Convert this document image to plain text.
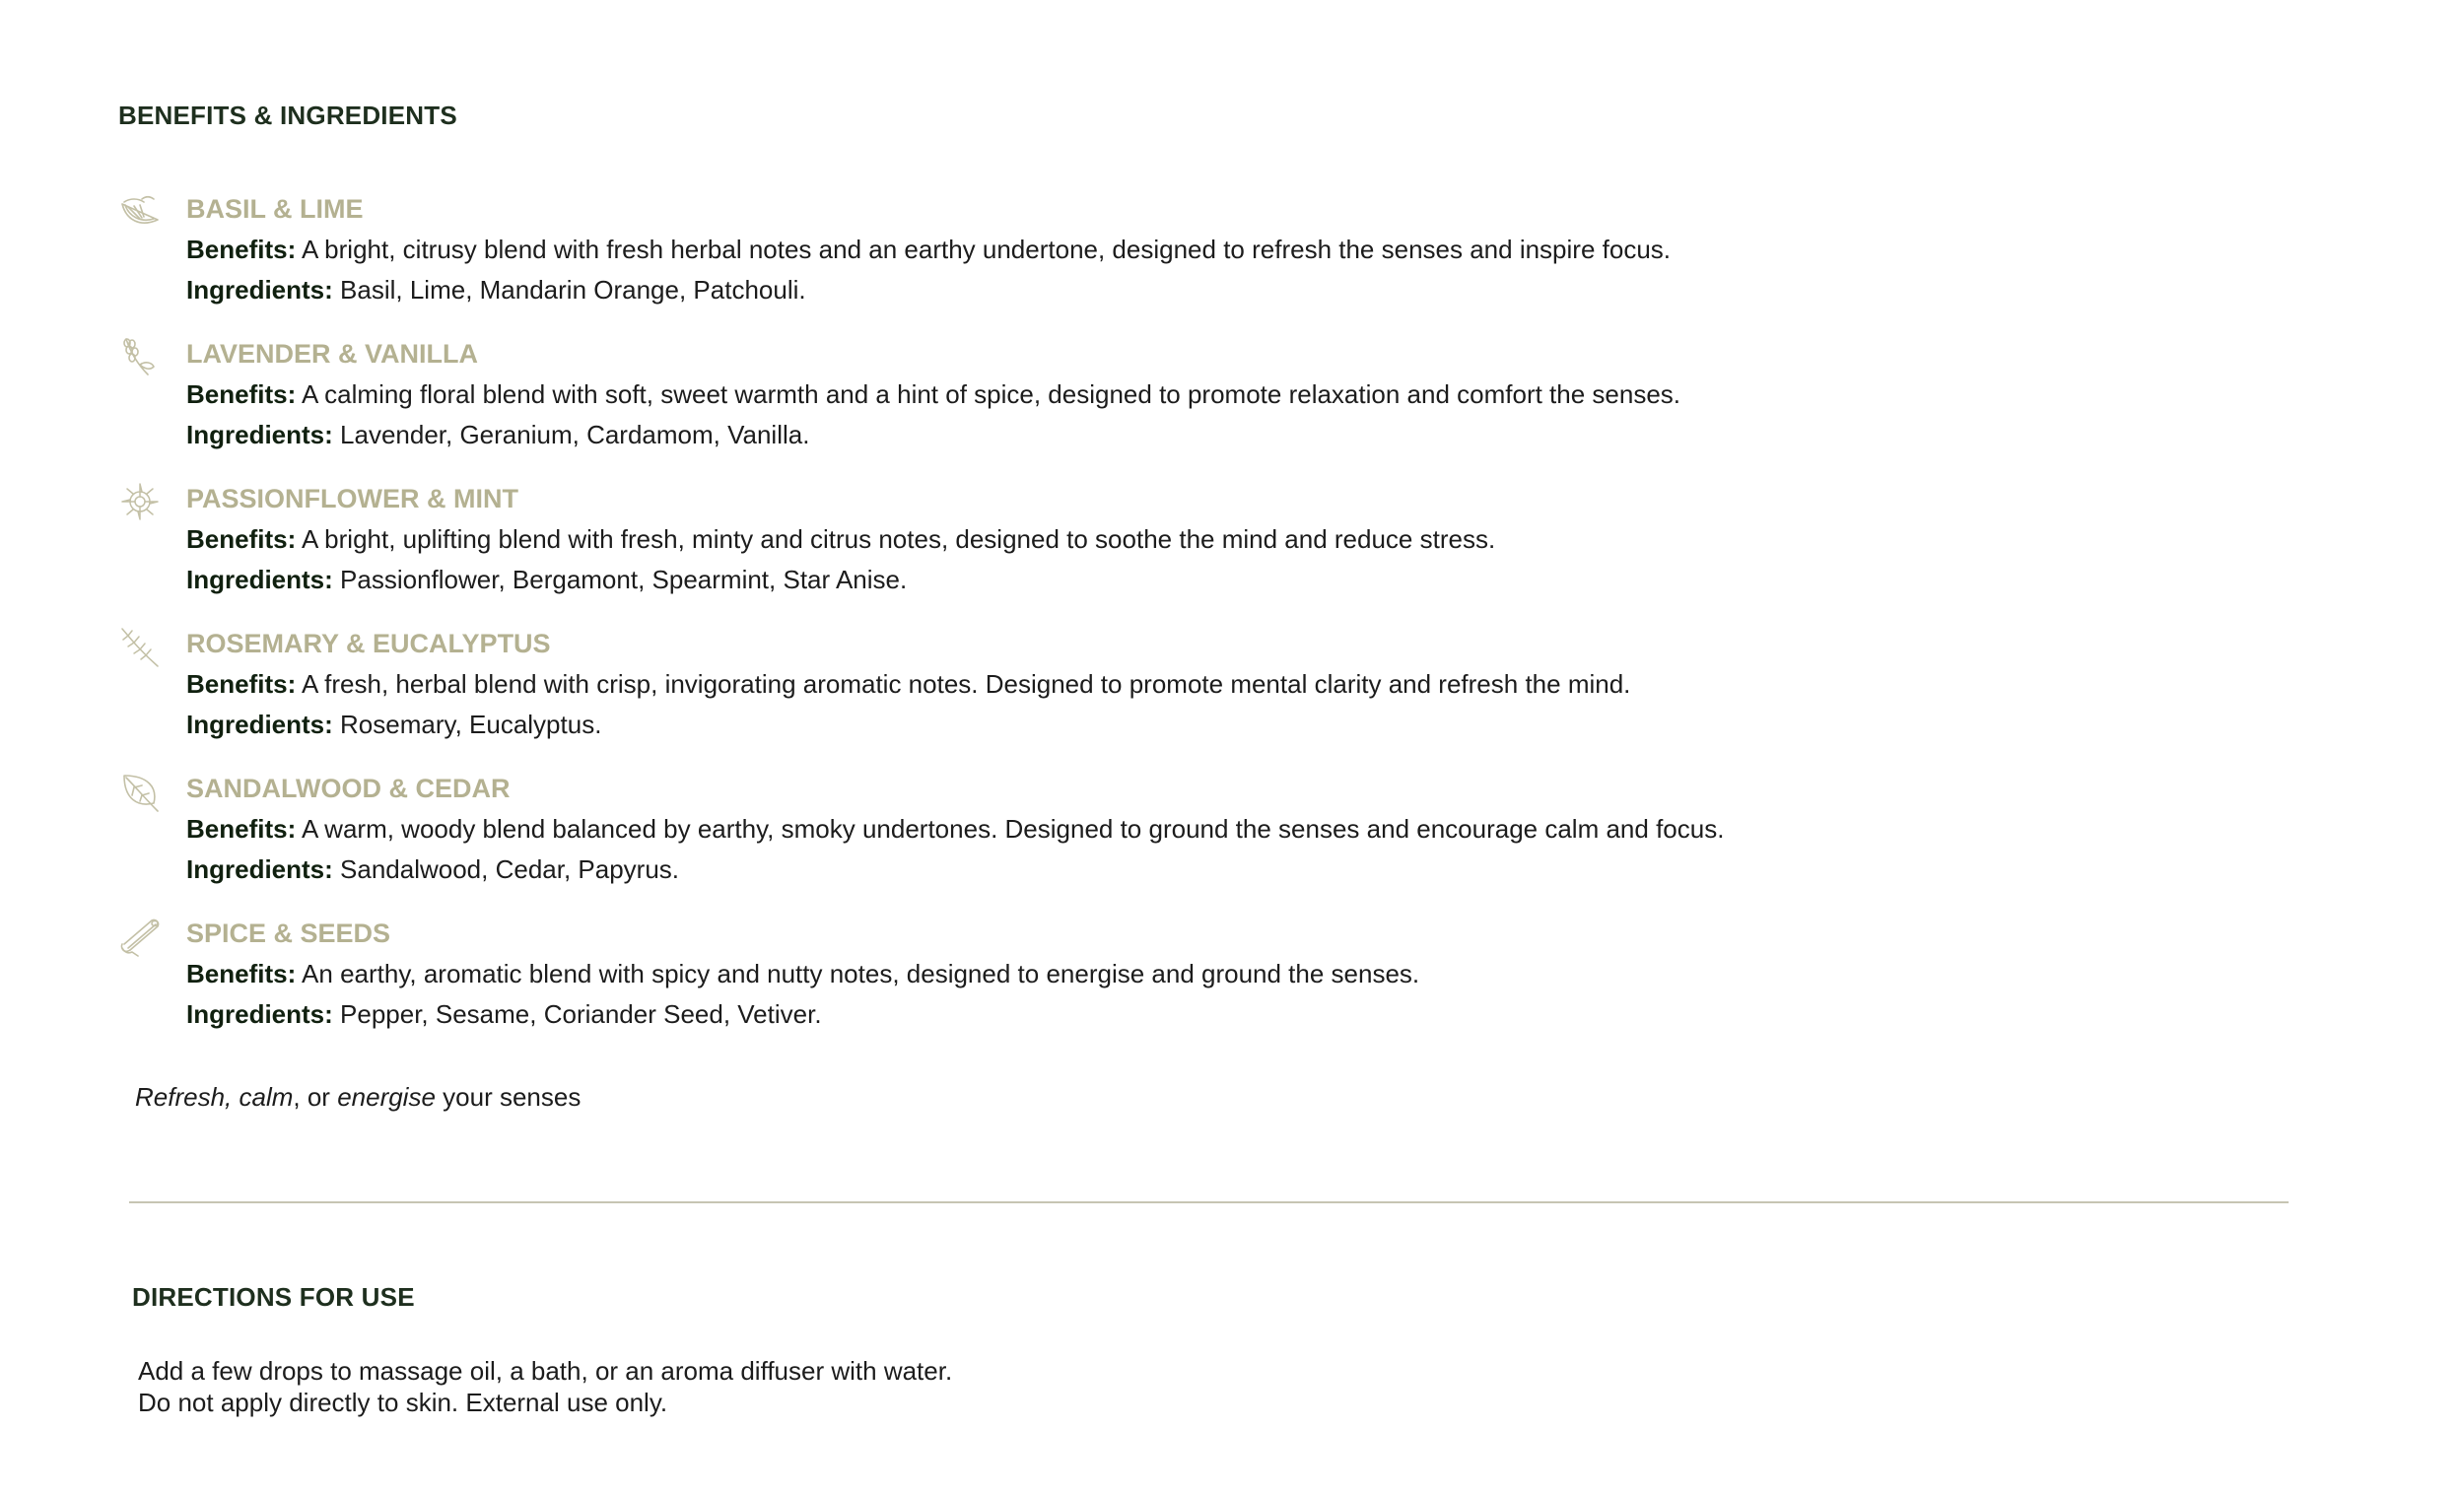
BENEFITS & INGREDIENTS
BASIL & LIME
Benefits: A bright, citrusy blend with fresh herbal notes and an earthy undertone, designed to refresh the senses and inspire focus.
Ingredients: Basil, Lime, Mandarin Orange, Patchouli.
LAVENDER & VANILLA
Benefits: A calming floral blend with soft, sweet warmth and a hint of spice, designed to promote relaxation and comfort the senses.
Ingredients: Lavender, Geranium, Cardamom, Vanilla.
PASSIONFLOWER & MINT
Benefits: A bright, uplifting blend with fresh, minty and citrus notes, designed to soothe the mind and reduce stress.
Ingredients: Passionflower, Bergamont, Spearmint, Star Anise.
ROSEMARY & EUCALYPTUS
Benefits: A fresh, herbal blend with crisp, invigorating aromatic notes. Designed to promote mental clarity and refresh the mind.
Ingredients: Rosemary, Eucalyptus.
SANDALWOOD & CEDAR
Benefits: A warm, woody blend balanced by earthy, smoky undertones. Designed to ground the senses and encourage calm and focus.
Ingredients: Sandalwood, Cedar, Papyrus.
SPICE & SEEDS
Benefits: An earthy, aromatic blend with spicy and nutty notes, designed to energise and ground the senses.
Ingredients: Pepper, Sesame, Coriander Seed, Vetiver.

Refresh, calm, or energise your senses

DIRECTIONS FOR USE
Add a few drops to massage oil, a bath, or an aroma diffuser with water.
Do not apply directly to skin. External use only.
